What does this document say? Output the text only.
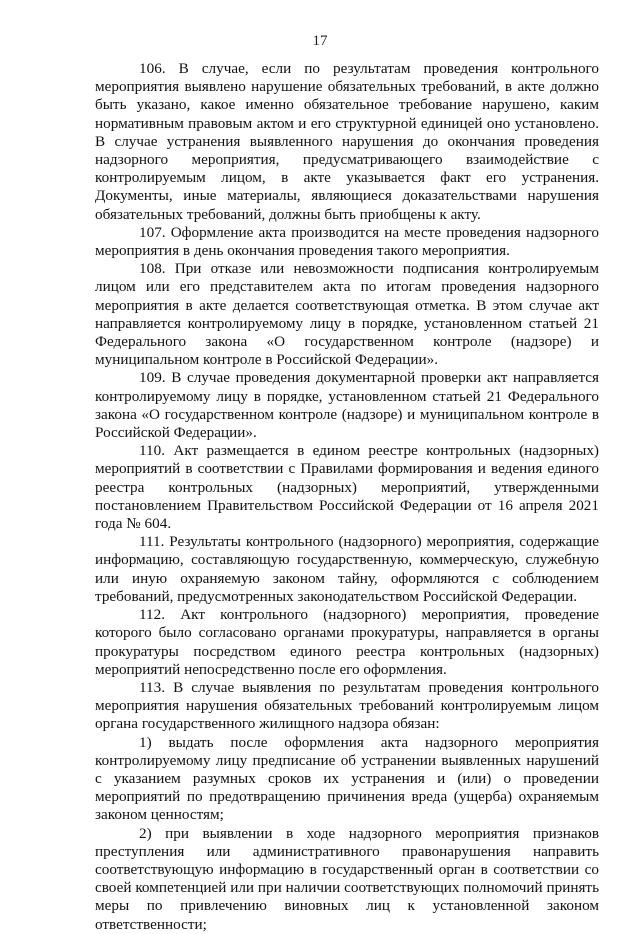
17

106. В случае, если по результатам проведения контрольного мероприятия выявлено нарушение обязательных требований, в акте должно быть указано, какое именно обязательное требование нарушено, каким нормативным правовым актом и его структурной единицей оно установлено. В случае устранения выявленного нарушения до окончания проведения надзорного мероприятия, предусматривающего взаимодействие с контролируемым лицом, в акте указывается факт его устранения. Документы, иные материалы, являющиеся доказательствами нарушения обязательных требований, должны быть приобщены к акту.

107. Оформление акта производится на месте проведения надзорного мероприятия в день окончания проведения такого мероприятия.

108. При отказе или невозможности подписания контролируемым лицом или его представителем акта по итогам проведения надзорного мероприятия в акте делается соответствующая отметка. В этом случае акт направляется контролируемому лицу в порядке, установленном статьей 21 Федерального закона «О государственном контроле (надзоре) и муниципальном контроле в Российской Федерации».

109. В случае проведения документарной проверки акт направляется контролируемому лицу в порядке, установленном статьей 21 Федерального закона «О государственном контроле (надзоре) и муниципальном контроле в Российской Федерации».

110. Акт размещается в едином реестре контрольных (надзорных) мероприятий в соответствии с Правилами формирования и ведения единого реестра контрольных (надзорных) мероприятий, утвержденными постановлением Правительством Российской Федерации от 16 апреля 2021 года № 604.

111. Результаты контрольного (надзорного) мероприятия, содержащие информацию, составляющую государственную, коммерческую, служебную или иную охраняемую законом тайну, оформляются с соблюдением требований, предусмотренных законодательством Российской Федерации.

112. Акт контрольного (надзорного) мероприятия, проведение которого было согласовано органами прокуратуры, направляется в органы прокуратуры посредством единого реестра контрольных (надзорных) мероприятий непосредственно после его оформления.

113. В случае выявления по результатам проведения контрольного мероприятия нарушения обязательных требований контролируемым лицом органа государственного жилищного надзора обязан:

1) выдать после оформления акта надзорного мероприятия контролируемому лицу предписание об устранении выявленных нарушений с указанием разумных сроков их устранения и (или) о проведении мероприятий по предотвращению причинения вреда (ущерба) охраняемым законом ценностям;

2) при выявлении в ходе надзорного мероприятия признаков преступления или административного правонарушения направить соответствующую информацию в государственный орган в соответствии со своей компетенцией или при наличии соответствующих полномочий принять меры по привлечению виновных лиц к установленной законом ответственности;
